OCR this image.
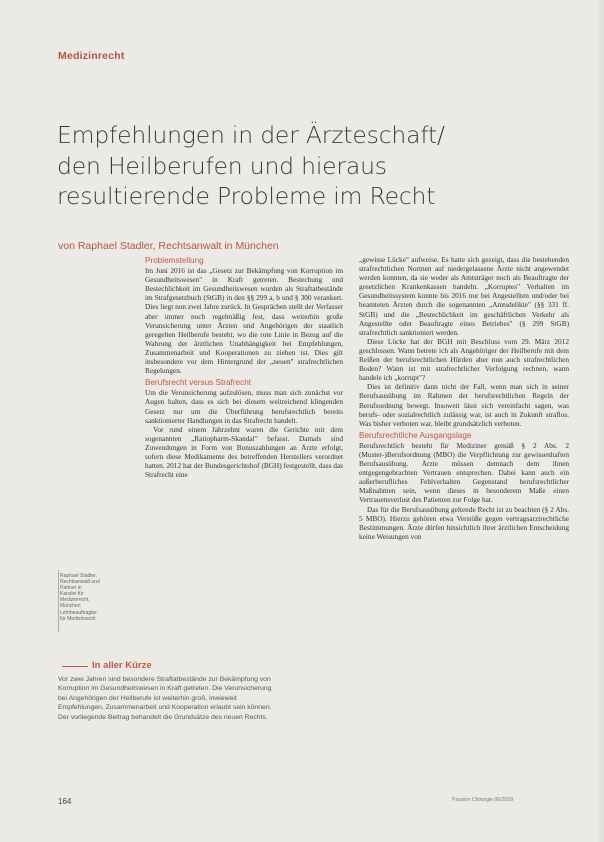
Medizinrecht
Empfehlungen in der Ärzteschaft/
den Heilberufen und hieraus
resultierende Probleme im Recht
von Raphael Stadler, Rechtsanwalt in München
Problemstellung

Im Juni 2016 ist das „Gesetz zur Bekämpfung von Korruption im Gesundheitswesen" in Kraft getreten. Bestechung und Bestechlichkeit im Gesundheitswesen wurden als Straftatbestände im Strafgesetzbuch (StGB) in den §§ 299 a, b und § 300 verankert. Dies liegt nun zwei Jahre zurück. In Gesprächen stellt der Verfasser aber immer noch regelmäßig fest, dass weiterhin große Verunsicherung unter Ärzten und Angehörigen der staatlich geregelten Heilberufe besteht, wo die rote Linie in Bezug auf die Wahrung der ärztlichen Unabhängigkeit bei Empfehlungen, Zusammenarbeit und Kooperationen zu ziehen ist. Dies gilt insbesondere vor dem Hintergrund der „neuen" strafrechtlichen Regelungen.

Berufsrecht versus Strafrecht

Um die Verunsicherung aufzulösen, muss man sich zunächst vor Augen halten, dass es sich bei diesem weitreichend klingenden Gesetz nur um die Überführung berufsrechtlich bereits sanktionierter Handlungen in das Strafrecht handelt.

Vor rund einem Jahrzehnt waren die Gerichte mit dem sogenannten „Ratiopharm-Skandal" befasst. Damals sind Zuwendungen in Form von Bonuszahlungen an Ärzte erfolgt, sofern diese Medikamente des betreffenden Herstellers verordnet hatten. 2012 hat der Bundesgerichtshof (BGH) festgestellt, dass das Strafrecht eine

„gewisse Lücke" aufweise. Es hatte sich gezeigt, dass die bestehenden strafrechtlichen Normen auf niedergelassene Ärzte nicht angewendet werden konnten, da sie weder als Amtsträger noch als Beauftragte der gesetzlichen Krankenkassen handeln. „Korruptes" Verhalten im Gesundheitssystem konnte bis 2016 nur bei Angestellten und/oder bei beamteten Ärzten durch die sogenannten „Amtsdelikte" (§§ 331 ff. StGB) und die „Bestechlichkeit im geschäftlichen Verkehr als Angestellte oder Beauftragte eines Betriebes" (§ 299 StGB) strafrechtlich sanktioniert werden.

Diese Lücke hat der BGH mit Beschluss vom 29. März 2012 geschlossen. Wann betrete ich als Angehöriger der Heilberufe mit dem Reißen der berufsrechtlichen Hürden aber nun auch strafrechtlichen Boden? Wann ist mit strafrechtlicher Verfolgung rechnen, wann handele ich „korrupt"?

Dies ist definitiv dann nicht der Fall, wenn man sich in seiner Berufsausübung im Rahmen der berufsrechtlichen Regeln der Berufsordnung bewegt. Insoweit lässt sich vereinfacht sagen, was berufs- oder sozialrechtlich zulässig war, ist auch in Zukunft straflos. Was bisher verboten war, bleibt grundsätzlich verboten.

Berufsrechtliche Ausgangslage

Berufsrechtlich besteht für Mediziner gemäß § 2 Abs. 2 (Muster-)Berufsordnung (MBO) die Verpflichtung zur gewissenhaften Berufsausübung. Ärzte müssen demnach dem ihnen entgegengebrachten Vertrauen entsprechen. Dabei kann auch ein außerberufliches Fehlverhalten Gegenstand berufsrechtlicher Maßnahmen sein, wenn dieses in besonderem Maße einen Vertrauensverlust des Patienten zur Folge hat.

Das für die Berufsausübung geltende Recht ist zu beachten (§ 2 Abs. 5 MBO). Hierzu gehören etwa Verstöße gegen vertragsarztrechtliche Bestimmungen. Ärzte dürfen hinsichtlich ihrer ärztlichen Entscheidung keine Weisungen von

Raphael Stadler,
Rechtsanwalt und
Partner in
Kanzlei für
Medizinrecht,
München
Lehrbeauftragter
für Medizinrecht
In aller Kürze
Vor zwei Jahren sind besondere Straftatbestände zur Bekämpfung von Korruption im Gesundheitswesen in Kraft getreten. Die Verunsicherung bei Angehörigen der Heilberufe ist weiterhin groß, inwieweit Empfehlungen, Zusammenarbeit und Kooperation erlaubt sein können. Der vorliegende Beitrag behandelt die Grundsätze des neuen Rechts.
164	Passion Chirurgie 06/2018
